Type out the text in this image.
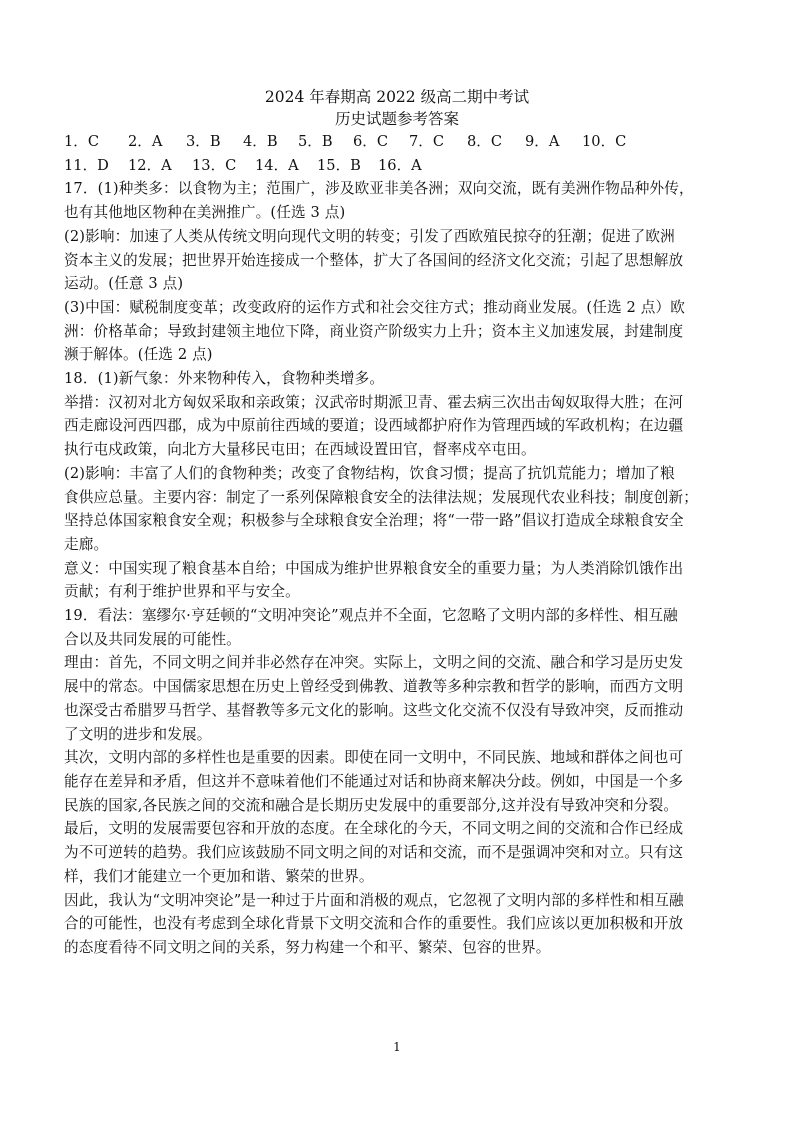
2024 年春期高 2022 级高二期中考试

历史试题参考答案

1．C	2．A	3．B	4．B	5．B	6．C	7．C	8．C	9．A	10．C
11．D	12．A	13．C	14．A	15．B	16．A

17．(1)种类多：以食物为主；范围广，涉及欧亚非美各洲；双向交流，既有美洲作物品种外传，

也有其他地区物种在美洲推广。(任选 3 点)

(2)影响：加速了人类从传统文明向现代文明的转变；引发了西欧殖民掠夺的狂潮；促进了欧洲

资本主义的发展；把世界开始连接成一个整体，扩大了各国间的经济文化交流；引起了思想解放

运动。(任意 3 点)

(3)中国：赋税制度变革；改变政府的运作方式和社会交往方式；推动商业发展。(任选 2 点）欧

洲：价格革命；导致封建领主地位下降，商业资产阶级实力上升；资本主义加速发展，封建制度

濒于解体。(任选 2 点)

18．(1)新气象：外来物种传入，食物种类增多。

举措：汉初对北方匈奴采取和亲政策；汉武帝时期派卫青、霍去病三次出击匈奴取得大胜；在河

西走廊设河西四郡，成为中原前往西域的要道；设西域都护府作为管理西域的军政机构；在边疆

执行屯戍政策，向北方大量移民屯田；在西域设置田官，督率戍卒屯田。

(2)影响：丰富了人们的食物种类；改变了食物结构，饮食习惯；提高了抗饥荒能力；增加了粮

食供应总量。主要内容：制定了一系列保障粮食安全的法律法规；发展现代农业科技；制度创新；

坚持总体国家粮食安全观；积极参与全球粮食安全治理；将“一带一路”倡议打造成全球粮食安全

走廊。

意义：中国实现了粮食基本自给；中国成为维护世界粮食安全的重要力量；为人类消除饥饿作出

贡献；有利于维护世界和平与安全。

19．看法：塞缪尔·亨廷顿的“文明冲突论”观点并不全面，它忽略了文明内部的多样性、相互融

合以及共同发展的可能性。

理由：首先，不同文明之间并非必然存在冲突。实际上，文明之间的交流、融合和学习是历史发

展中的常态。中国儒家思想在历史上曾经受到佛教、道教等多种宗教和哲学的影响，而西方文明

也深受古希腊罗马哲学、基督教等多元文化的影响。这些文化交流不仅没有导致冲突，反而推动

了文明的进步和发展。

其次，文明内部的多样性也是重要的因素。即使在同一文明中，不同民族、地域和群体之间也可

能存在差异和矛盾，但这并不意味着他们不能通过对话和协商来解决分歧。例如，中国是一个多

民族的国家,各民族之间的交流和融合是长期历史发展中的重要部分,这并没有导致冲突和分裂。

最后，文明的发展需要包容和开放的态度。在全球化的今天，不同文明之间的交流和合作已经成

为不可逆转的趋势。我们应该鼓励不同文明之间的对话和交流，而不是强调冲突和对立。只有这

样，我们才能建立一个更加和谐、繁荣的世界。

因此，我认为“文明冲突论”是一种过于片面和消极的观点，它忽视了文明内部的多样性和相互融

合的可能性，也没有考虑到全球化背景下文明交流和合作的重要性。我们应该以更加积极和开放

的态度看待不同文明之间的关系，努力构建一个和平、繁荣、包容的世界。

1
